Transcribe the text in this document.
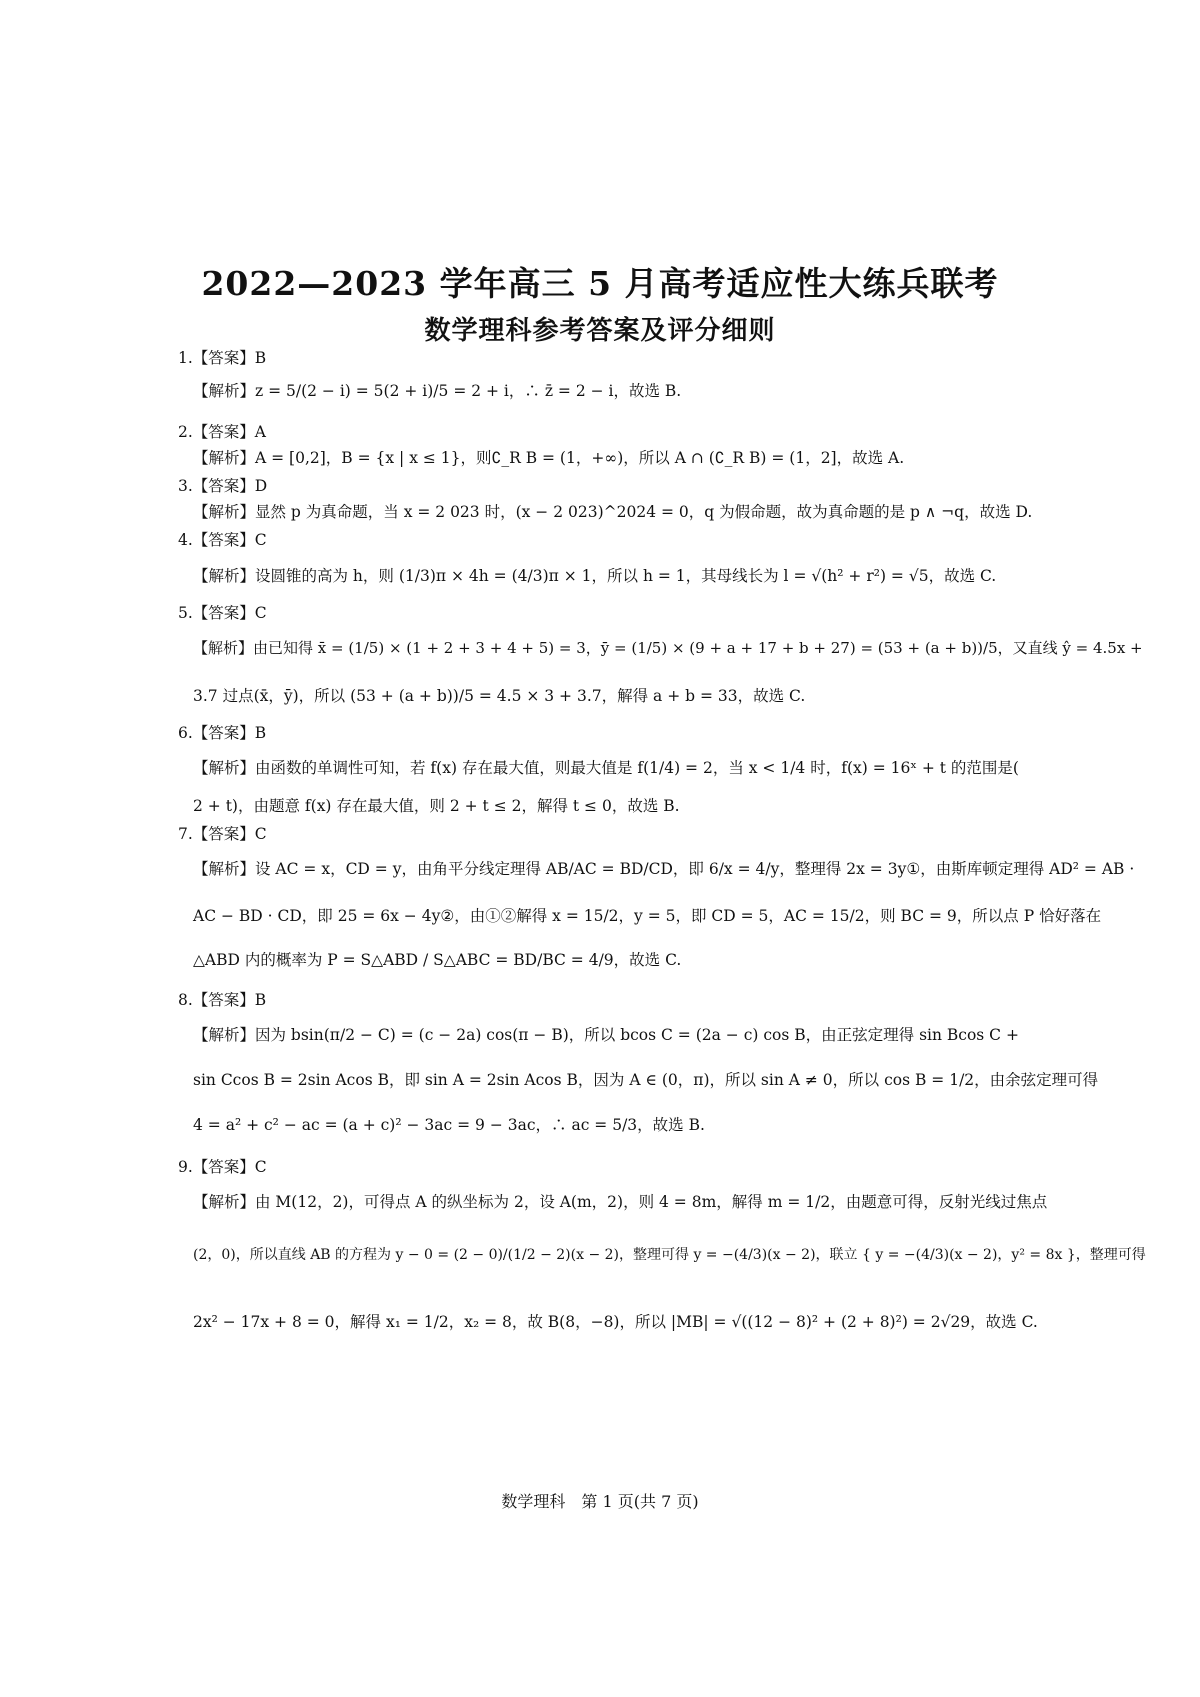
2022—2023 学年高三 5 月高考适应性大练兵联考
数学理科参考答案及评分细则
1.【答案】B
【解析】z = 5/(2 − i) = 5(2 + i)/5 = 2 + i，∴ z̄ = 2 − i，故选 B.
2.【答案】A
【解析】A = [0,2]，B = {x | x ≤ 1}，则∁_R B = (1，+∞)，所以 A ∩ (∁_R B) = (1，2]，故选 A.
3.【答案】D
【解析】显然 p 为真命题，当 x = 2 023 时，(x − 2 023)^2024 = 0，q 为假命题，故为真命题的是 p ∧ ¬q，故选 D.
4.【答案】C
【解析】设圆锥的高为 h，则 (1/3)π × 4h = (4/3)π × 1，所以 h = 1，其母线长为 l = √(h² + r²) = √5，故选 C.
5.【答案】C
【解析】由已知得 x̄ = (1/5) × (1 + 2 + 3 + 4 + 5) = 3，ȳ = (1/5) × (9 + a + 17 + b + 27) = (53 + (a + b))/5，又直线 ŷ = 4.5x +
3.7 过点(x̄，ȳ)，所以 (53 + (a + b))/5 = 4.5 × 3 + 3.7，解得 a + b = 33，故选 C.
6.【答案】B
【解析】由函数的单调性可知，若 f(x) 存在最大值，则最大值是 f(1/4) = 2，当 x < 1/4 时，f(x) = 16ˣ + t 的范围是(
2 + t)，由题意 f(x) 存在最大值，则 2 + t ≤ 2，解得 t ≤ 0，故选 B.
7.【答案】C
【解析】设 AC = x，CD = y，由角平分线定理得 AB/AC = BD/CD，即 6/x = 4/y，整理得 2x = 3y①，由斯库顿定理得 AD² = AB ·
AC − BD · CD，即 25 = 6x − 4y②，由①②解得 x = 15/2，y = 5，即 CD = 5，AC = 15/2，则 BC = 9，所以点 P 恰好落在
△ABD 内的概率为 P = S△ABD / S△ABC = BD/BC = 4/9，故选 C.
8.【答案】B
【解析】因为 bsin(π/2 − C) = (c − 2a) cos(π − B)，所以 bcos C = (2a − c) cos B，由正弦定理得 sin Bcos C +
sin Ccos B = 2sin Acos B，即 sin A = 2sin Acos B，因为 A ∈ (0，π)，所以 sin A ≠ 0，所以 cos B = 1/2，由余弦定理可得
4 = a² + c² − ac = (a + c)² − 3ac = 9 − 3ac，∴ ac = 5/3，故选 B.
9.【答案】C
【解析】由 M(12，2)，可得点 A 的纵坐标为 2，设 A(m，2)，则 4 = 8m，解得 m = 1/2，由题意可得，反射光线过焦点
(2，0)，所以直线 AB 的方程为 y − 0 = (2 − 0)/(1/2 − 2)(x − 2)，整理可得 y = −(4/3)(x − 2)，联立 { y = −(4/3)(x − 2)，y² = 8x }，整理可得
2x² − 17x + 8 = 0，解得 x₁ = 1/2，x₂ = 8，故 B(8，−8)，所以 |MB| = √((12 − 8)² + (2 + 8)²) = 2√29，故选 C.
数学理科　第 1 页(共 7 页)
